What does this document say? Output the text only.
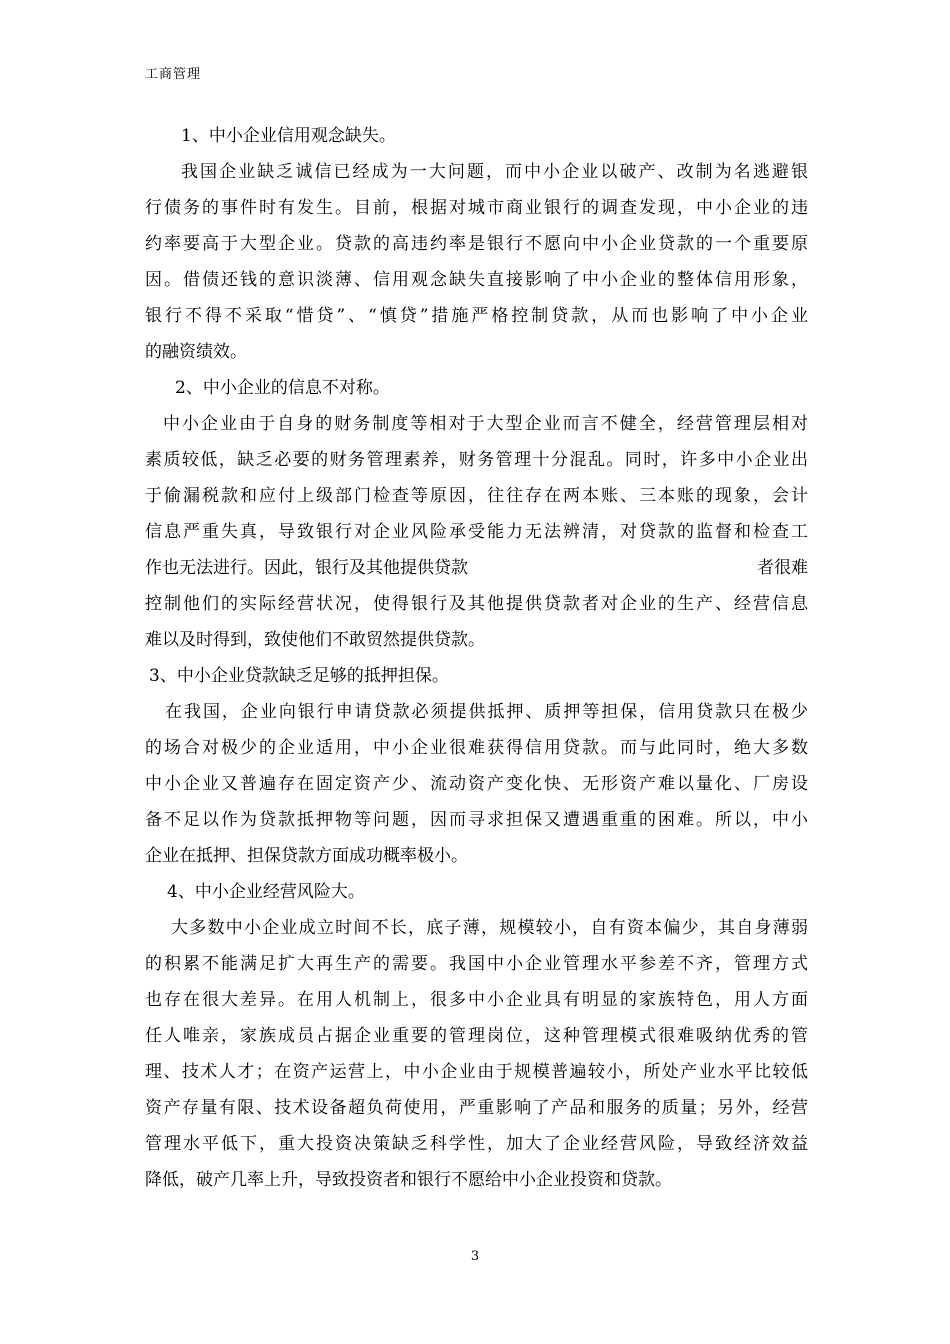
工商管理
1、中小企业信用观念缺失。
我国企业缺乏诚信已经成为一大问题，而中小企业以破产、改制为名逃避银
行债务的事件时有发生。目前，根据对城市商业银行的调查发现，中小企业的违
约率要高于大型企业。贷款的高违约率是银行不愿向中小企业贷款的一个重要原
因。借债还钱的意识淡薄、信用观念缺失直接影响了中小企业的整体信用形象，
银行不得不采取“惜贷”、“慎贷”措施严格控制贷款，从而也影响了中小企业
的融资绩效。
2、中小企业的信息不对称。
中小企业由于自身的财务制度等相对于大型企业而言不健全，经营管理层相对
素质较低，缺乏必要的财务管理素养，财务管理十分混乱。同时，许多中小企业出
于偷漏税款和应付上级部门检查等原因，往往存在两本账、三本账的现象，会计
信息严重失真，导致银行对企业风险承受能力无法辨清，对贷款的监督和检查工
作也无法进行。因此，银行及其他提供贷款	者很难
控制他们的实际经营状况，使得银行及其他提供贷款者对企业的生产、经营信息
难以及时得到，致使他们不敢贸然提供贷款。
3、中小企业贷款缺乏足够的抵押担保。
在我国，企业向银行申请贷款必须提供抵押、质押等担保，信用贷款只在极少
的场合对极少的企业适用，中小企业很难获得信用贷款。而与此同时，绝大多数
中小企业又普遍存在固定资产少、流动资产变化快、无形资产难以量化、厂房设
备不足以作为贷款抵押物等问题，因而寻求担保又遭遇重重的困难。所以，中小
企业在抵押、担保贷款方面成功概率极小。
4、中小企业经营风险大。
大多数中小企业成立时间不长，底子薄，规模较小，自有资本偏少，其自身薄弱
的积累不能满足扩大再生产的需要。我国中小企业管理水平参差不齐，管理方式
也存在很大差异。在用人机制上，很多中小企业具有明显的家族特色，用人方面
任人唯亲，家族成员占据企业重要的管理岗位，这种管理模式很难吸纳优秀的管
理、技术人才；在资产运营上，中小企业由于规模普遍较小，所处产业水平比较低
资产存量有限、技术设备超负荷使用，严重影响了产品和服务的质量；另外，经营
管理水平低下，重大投资决策缺乏科学性，加大了企业经营风险，导致经济效益
降低，破产几率上升，导致投资者和银行不愿给中小企业投资和贷款。
3
